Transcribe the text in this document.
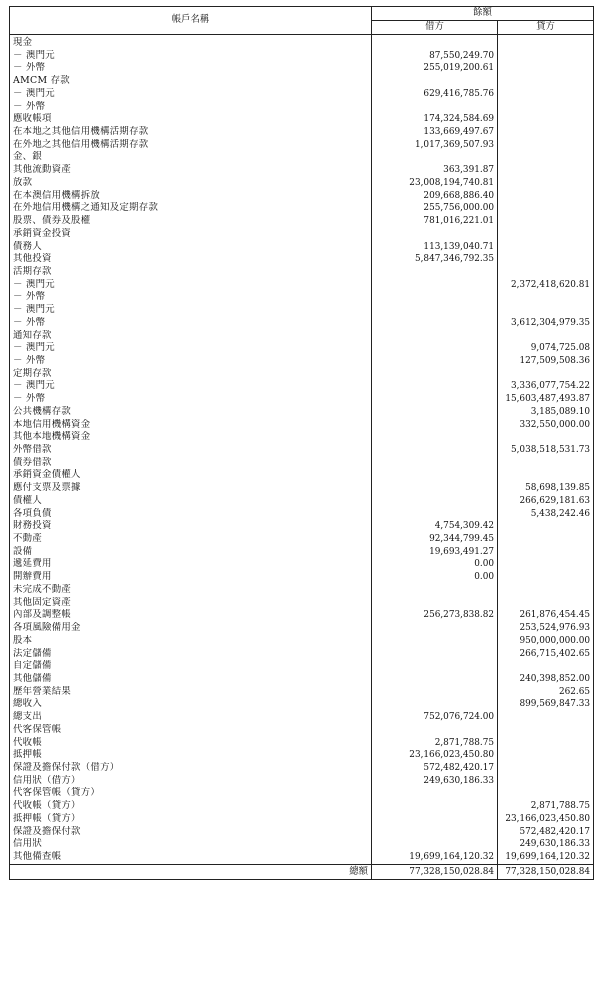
帳戶名稱	餘額	
	借方	貸方
現金		
－ 澳門元	87,550,249.70	
－ 外幣	255,019,200.61	
AMCM 存款		
－ 澳門元	629,416,785.76	
－ 外幣		
應收帳項	174,324,584.69	
在本地之其他信用機構活期存款	133,669,497.67	
在外地之其他信用機構活期存款	1,017,369,507.93	
金、銀		
其他流動資產	363,391.87	
放款	23,008,194,740.81	
在本澳信用機構拆放	209,668,886.40	
在外地信用機構之通知及定期存款	255,756,000.00	
股票、債券及股權	781,016,221.01	
承銷資金投資		
債務人	113,139,040.71	
其他投資	5,847,346,792.35	
活期存款		
－ 澳門元		2,372,418,620.81
－ 外幣		
－ 澳門元		
－ 外幣		3,612,304,979.35
通知存款		
－ 澳門元		9,074,725.08
－ 外幣		127,509,508.36
定期存款		
－ 澳門元		3,336,077,754.22
－ 外幣		15,603,487,493.87
公共機構存款		3,185,089.10
本地信用機構資金		332,550,000.00
其他本地機構資金		
外幣借款		5,038,518,531.73
債券借款		
承銷資金債權人		
應付支票及票據		58,698,139.85
債權人		266,629,181.63
各項負債		5,438,242.46
財務投資	4,754,309.42	
不動產	92,344,799.45	
設備	19,693,491.27	
遞延費用	0.00	
開辦費用	0.00	
未完成不動產		
其他固定資產		
內部及調整帳	256,273,838.82	261,876,454.45
各項風險備用金		253,524,976.93
股本		950,000,000.00
法定儲備		266,715,402.65
自定儲備		
其他儲備		240,398,852.00
歷年營業結果		262.65
總收入		899,569,847.33
總支出	752,076,724.00	
代客保管帳		
代收帳	2,871,788.75	
抵押帳	23,166,023,450.80	
保證及擔保付款（借方）	572,482,420.17	
信用狀（借方）	249,630,186.33	
代客保管帳（貸方）		
代收帳（貸方）		2,871,788.75
抵押帳（貸方）		23,166,023,450.80
保證及擔保付款		572,482,420.17
信用狀		249,630,186.33
其他備查帳	19,699,164,120.32	19,699,164,120.32
總額	77,328,150,028.84	77,328,150,028.84
